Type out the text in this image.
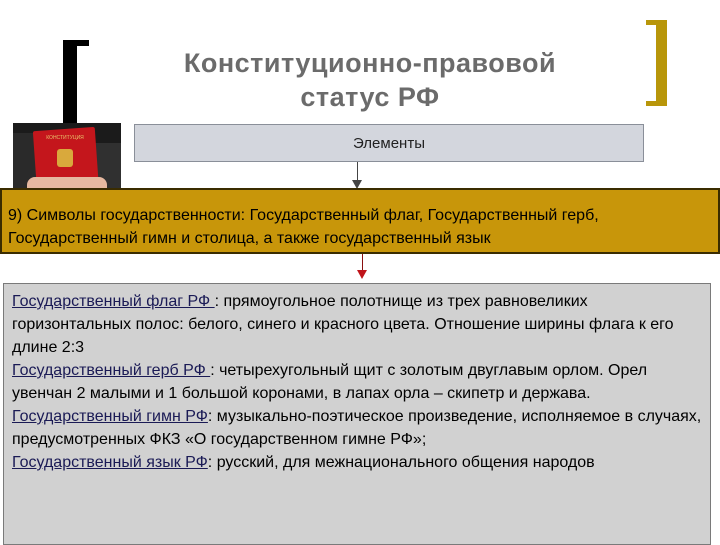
Конституционно-правовой
статус РФ
КОНСТИТУЦИЯ	Элементы
9) Символы государственности: Государственный флаг, Государственный герб, Государственный гимн и столица, а также государственный язык

Государственный флаг РФ : прямоугольное полотнище из трех равновеликих горизонтальных полос: белого, синего и красного цвета. Отношение ширины флага к его длине 2:3

Государственный герб РФ : четырехугольный щит с золотым двуглавым орлом. Орел увенчан 2 малыми и 1 большой коронами, в лапах орла – скипетр и держава.

Государственный гимн РФ: музыкально-поэтическое произведение, исполняемое в случаях, предусмотренных ФКЗ «О государственном гимне РФ»;

Государственный язык РФ: русский, для межнационального общения народов
